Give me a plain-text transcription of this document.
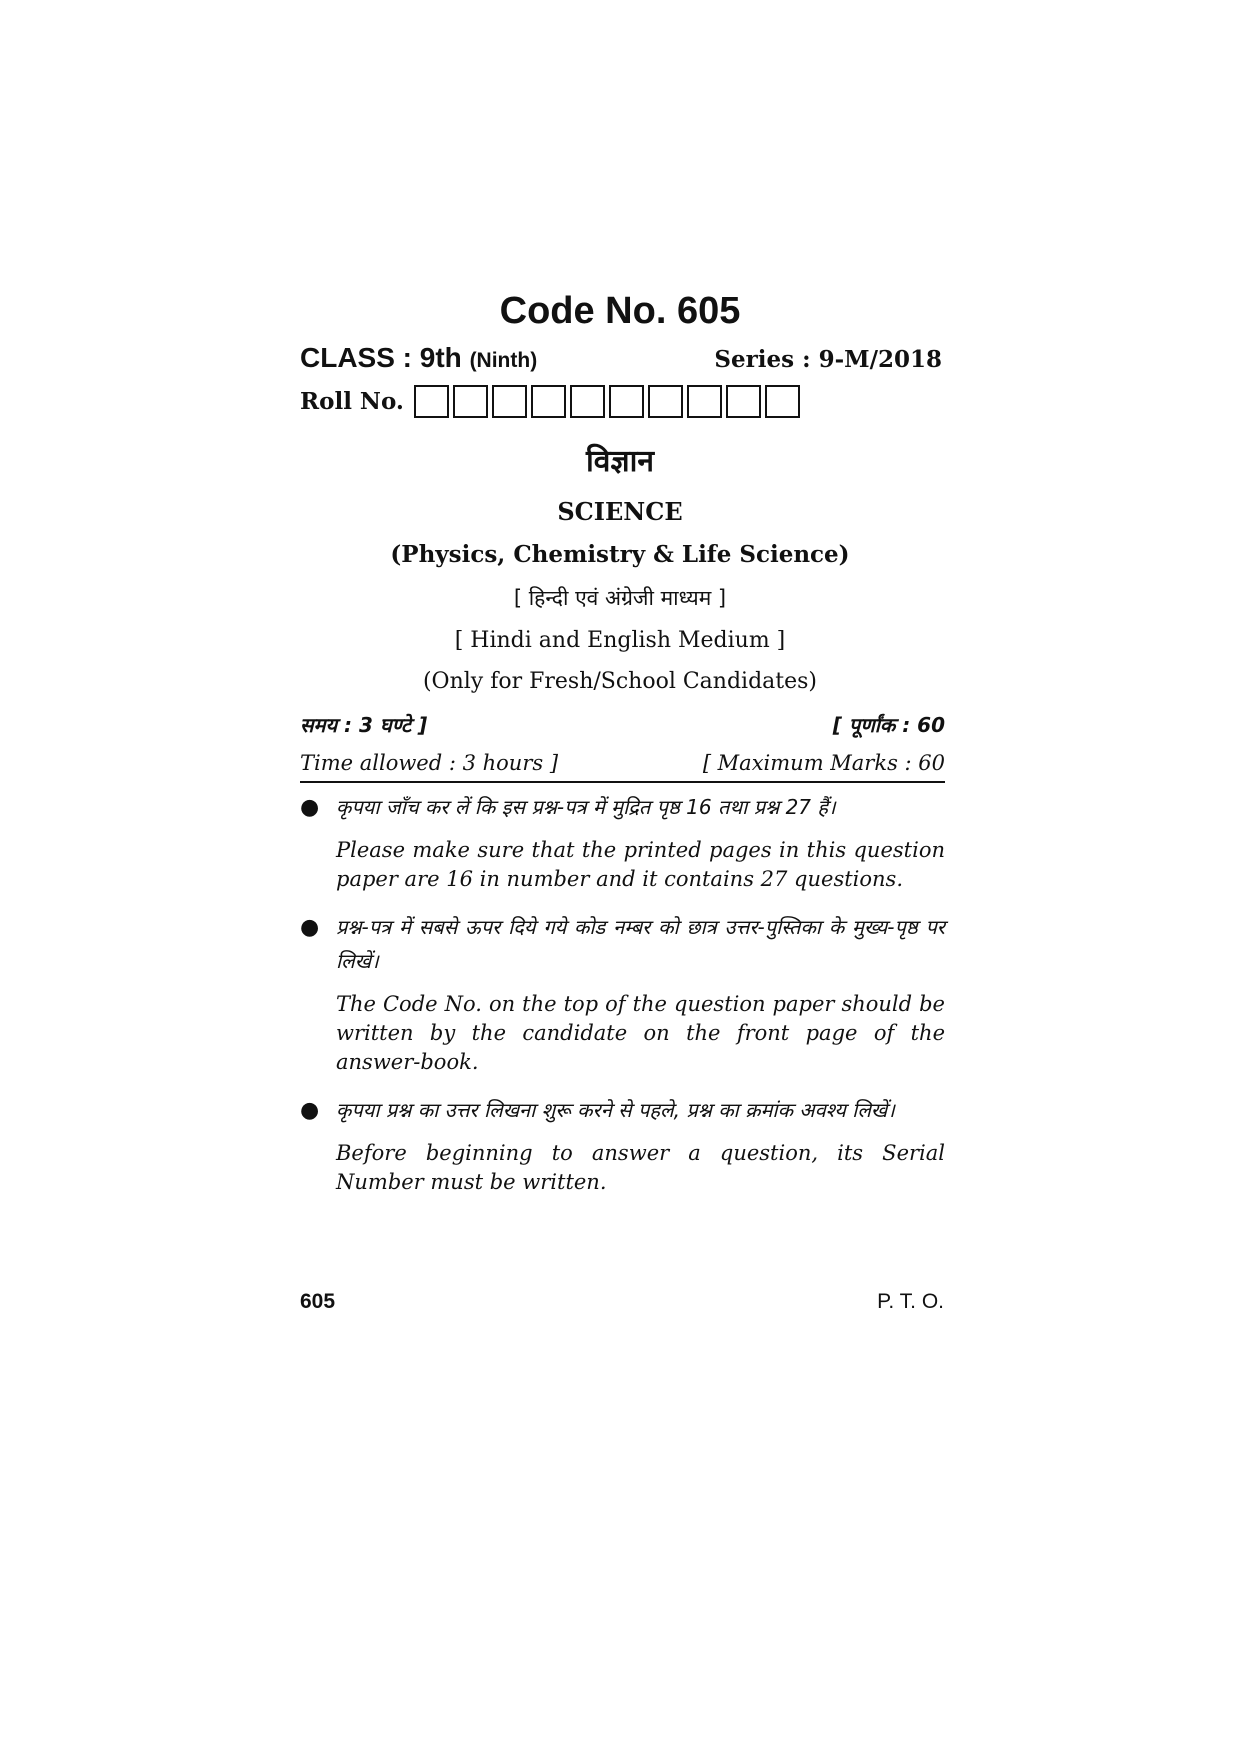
Code No. 605
CLASS : 9th (Ninth)	Series : 9-M/2018
Roll No.
विज्ञान
SCIENCE
(Physics, Chemistry & Life Science)
[ हिन्दी एवं अंग्रेजी माध्यम ]
[ Hindi and English Medium ]
(Only for Fresh/School Candidates)
समय : 3 घण्टे ]	[ पूर्णांक : 60
Time allowed : 3 hours ]	[ Maximum Marks : 60
● कृपया जाँच कर लें कि इस प्रश्न-पत्र में मुद्रित पृष्ठ 16 तथा प्रश्न 27 हैं।

Please make sure that the printed pages in this question paper are 16 in number and it contains 27 questions.

● प्रश्न-पत्र में सबसे ऊपर दिये गये कोड नम्बर को छात्र उत्तर-पुस्तिका के मुख्य-पृष्ठ पर लिखें।

The Code No. on the top of the question paper should be written by the candidate on the front page of the answer-book.

● कृपया प्रश्न का उत्तर लिखना शुरू करने से पहले, प्रश्न का क्रमांक अवश्य लिखें।

Before beginning to answer a question, its Serial Number must be written.

605	P. T. O.
